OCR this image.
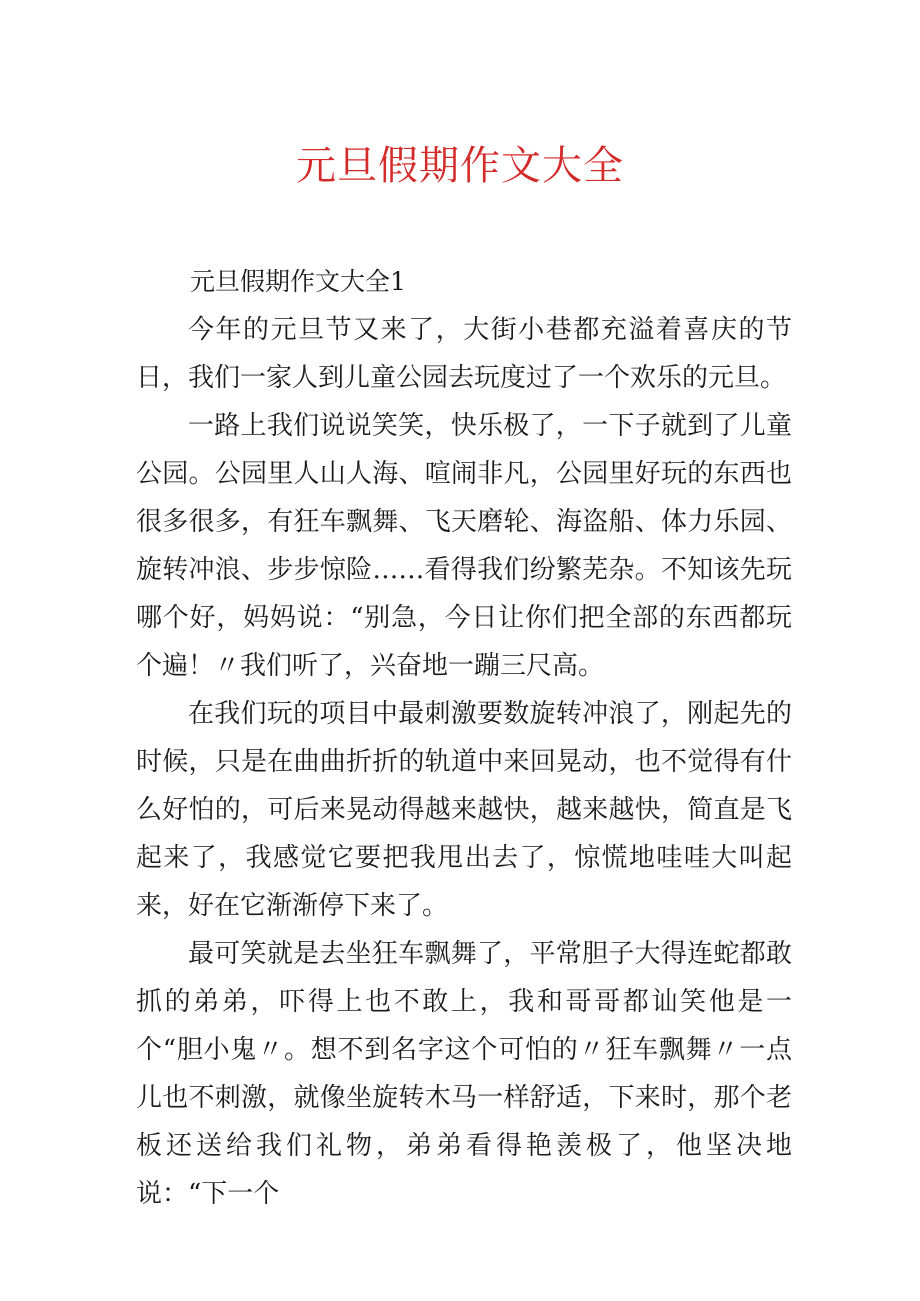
元旦假期作文大全

元旦假期作文大全1

今年的元旦节又来了，大街小巷都充溢着喜庆的节日，我们一家人到儿童公园去玩度过了一个欢乐的元旦。

一路上我们说说笑笑，快乐极了，一下子就到了儿童公园。公园里人山人海、喧闹非凡，公园里好玩的东西也很多很多，有狂车飘舞、飞天磨轮、海盗船、体力乐园、旋转冲浪、步步惊险……看得我们纷繁芜杂。不知该先玩哪个好，妈妈说：“别急，今日让你们把全部的东西都玩个遍！〃我们听了，兴奋地一蹦三尺高。

在我们玩的项目中最刺激要数旋转冲浪了，刚起先的时候，只是在曲曲折折的轨道中来回晃动，也不觉得有什么好怕的，可后来晃动得越来越快，越来越快，简直是飞起来了，我感觉它要把我甩出去了，惊慌地哇哇大叫起来，好在它渐渐停下来了。

最可笑就是去坐狂车飘舞了，平常胆子大得连蛇都敢抓的弟弟，吓得上也不敢上，我和哥哥都讪笑他是一个“胆小鬼〃。想不到名字这个可怕的〃狂车飘舞〃一点儿也不刺激，就像坐旋转木马一样舒适，下来时，那个老板还送给我们礼物，弟弟看得艳羡极了，他坚决地说：“下一个
